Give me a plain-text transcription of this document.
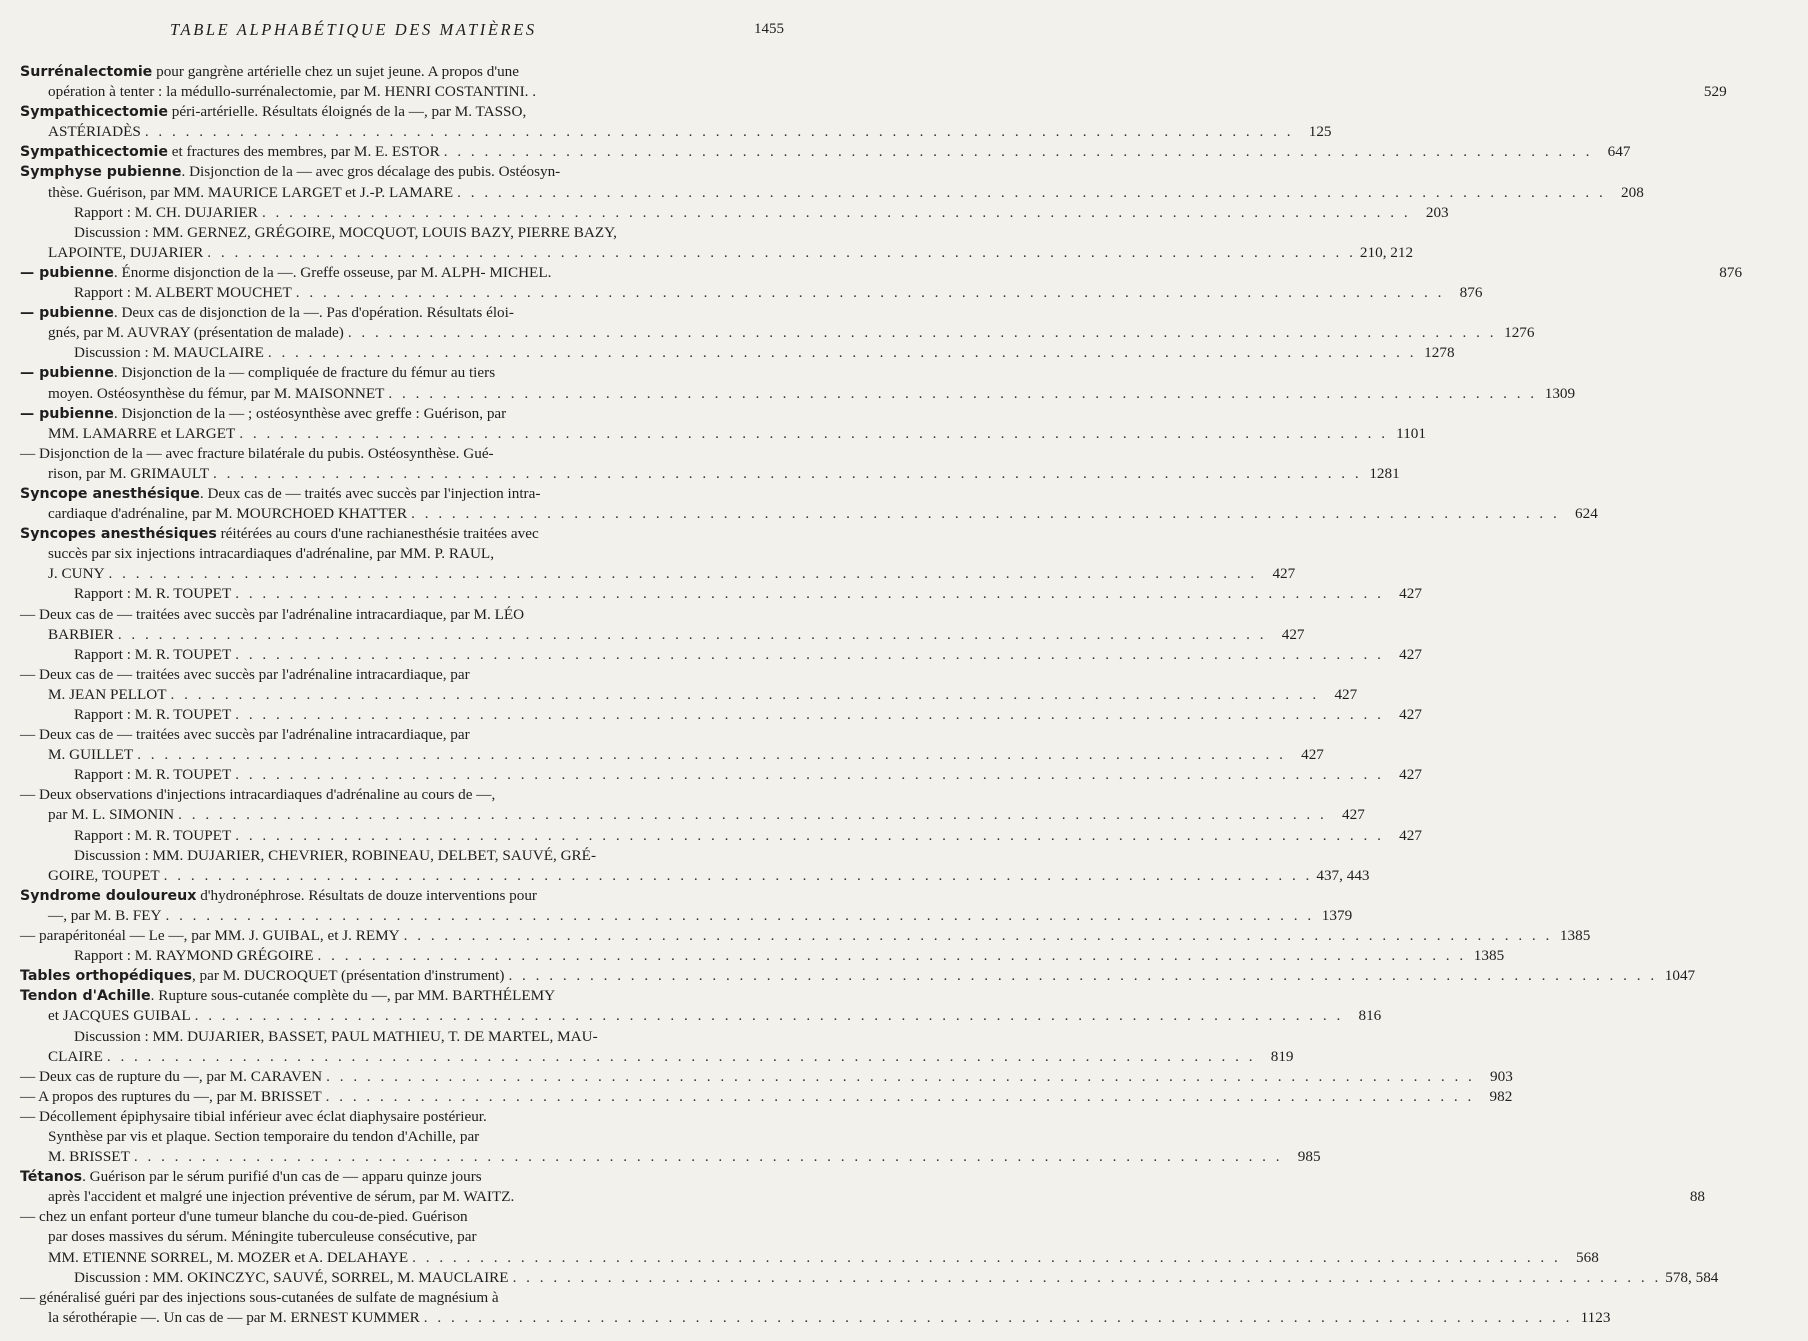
TABLE ALPHABÉTIQUE DES MATIÈRES	1455
Surrénalectomie pour gangrène artérielle chez un sujet jeune. A propos d'une
opération à tenter : la médullo-surrénalectomie, par M. HENRI COSTANTINI. .	529
Sympathicectomie péri-artérielle. Résultats éloignés de la —, par M. TASSO,
ASTÉRIADÈS . . .	125
Sympathicectomie et fractures des membres, par M. E. ESTOR . . .	647
Symphyse pubienne. Disjonction de la — avec gros décalage des pubis. Ostéosyn-
thèse. Guérison, par MM. MAURICE LARGET et J.-P. LAMARE . . .	208
Rapport : M. CH. DUJARIER . . .	203
Discussion : MM. GERNEZ, GRÉGOIRE, MOCQUOT, LOUIS BAZY, PIERRE BAZY,
LAPOINTE, DUJARIER . . .	210, 212
— pubienne. Énorme disjonction de la —. Greffe osseuse, par M. ALPH- MICHEL.	876
Rapport : M. ALBERT MOUCHET . . .	876
— pubienne. Deux cas de disjonction de la —. Pas d'opération. Résultats éloi-
gnés, par M. AUVRAY (présentation de malade) . . .	1276
Discussion : M. MAUCLAIRE . . .	1278
— pubienne. Disjonction de la — compliquée de fracture du fémur au tiers
moyen. Ostéosynthèse du fémur, par M. MAISONNET . . .	1309
— pubienne. Disjonction de la — ; ostéosynthèse avec greffe : Guérison, par
MM. LAMARRE et LARGET . . .	1101
— Disjonction de la — avec fracture bilatérale du pubis. Ostéosynthèse. Gué-
rison, par M. GRIMAULT . . .	1281
Syncope anesthésique. Deux cas de — traités avec succès par l'injection intra-
cardiaque d'adrénaline, par M. MOURCHOED KHATTER . . .	624
Syncopes anesthésiques réitérées au cours d'une rachianesthésie traitées avec
succès par six injections intracardiaques d'adrénaline, par MM. P. RAUL,
J. CUNY . . .	427
Rapport : M. R. TOUPET . . .	427
— Deux cas de — traitées avec succès par l'adrénaline intracardiaque, par M. LÉO
BARBIER . . .	427
Rapport : M. R. TOUPET . . .	427
— Deux cas de — traitées avec succès par l'adrénaline intracardiaque, par
M. JEAN PELLOT . . .	427
Rapport : M. R. TOUPET . . .	427
— Deux cas de — traitées avec succès par l'adrénaline intracardiaque, par
M. GUILLET . . .	427
Rapport : M. R. TOUPET . . .	427
— Deux observations d'injections intracardiaques d'adrénaline au cours de —,
par M. L. SIMONIN . . .	427
Rapport : M. R. TOUPET . . .	427
Discussion : MM. DUJARIER, CHEVRIER, ROBINEAU, DELBET, SAUVÉ, GRÉ-
GOIRE, TOUPET . . .	437, 443
Syndrome douloureux d'hydronéphrose. Résultats de douze interventions pour
—, par M. B. FEY . . .	1379
— parapéritonéal — Le —, par MM. J. GUIBAL, et J. REMY . . .	1385
Rapport : M. RAYMOND GRÉGOIRE . . .	1385
Tables orthopédiques, par M. DUCROQUET (présentation d'instrument) . . .	1047
Tendon d'Achille. Rupture sous-cutanée complète du —, par MM. BARTHÉLEMY
et JACQUES GUIBAL . . .	816
Discussion : MM. DUJARIER, BASSET, PAUL MATHIEU, T. DE MARTEL, MAU-
CLAIRE . . .	819
— Deux cas de rupture du —, par M. CARAVEN . . .	903
— A propos des ruptures du —, par M. BRISSET . . .	982
— Décollement épiphysaire tibial inférieur avec éclat diaphysaire postérieur.
Synthèse par vis et plaque. Section temporaire du tendon d'Achille, par
M. BRISSET . . .	985
Tétanos. Guérison par le sérum purifié d'un cas de — apparu quinze jours
après l'accident et malgré une injection préventive de sérum, par M. WAITZ.	88
— chez un enfant porteur d'une tumeur blanche du cou-de-pied. Guérison
par doses massives du sérum. Méningite tuberculeuse consécutive, par
MM. ETIENNE SORREL, M. MOZER et A. DELAHAYE . . .	568
Discussion : MM. OKINCZYC, SAUVÉ, SORREL, M. MAUCLAIRE . . .	578, 584
— généralisé guéri par des injections sous-cutanées de sulfate de magnésium à
la sérothérapie —. Un cas de — par M. ERNEST KUMMER . . .	1123
